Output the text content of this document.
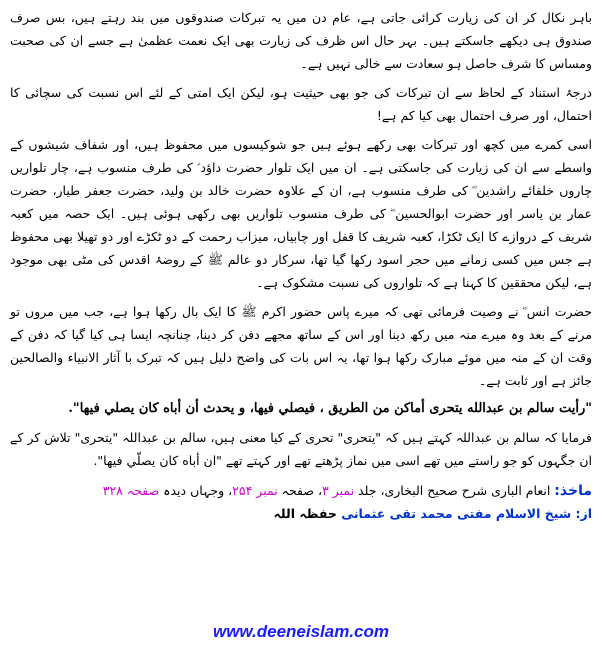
باہر نکال کر ان کی زیارت کرائی جاتی ہے، عام دن میں یہ تبرکات صندوقوں میں بند رہتے ہیں، بس صرف صندوق ہی دیکھے جاسکتے ہیں۔ بہر حال اس ظرف کی زیارت بھی ایک نعمت عظمیٰ ہے جسے ان کی صحبت ومساس کا شرف حاصل ہو سعادت سے خالی نہیں ہے۔

درجۂ استناد کے لحاظ سے ان تبرکات کی جو بھی حیثیت ہو، لیکن ایک امتی کے لئے اس نسبت کی سچائی کا احتمال، اور صرف احتمال بھی کیا کم ہے!

اسی کمرے میں کچھ اور تبرکات بھی رکھے ہوئے ہیں جو شوکیسوں میں محفوظ ہیں، اور شفاف شیشوں کے واسطے سے ان کی زیارت کی جاسکتی ہے۔ ان میں ایک تلوار حضرت داؤد ؑ کی طرف منسوب ہے، چار تلواریں چاروں خلفائے راشدین ؓ کی طرف منسوب ہے، ان کے علاوہ حضرت خالد بن ولید، حضرت جعفر طیار، حضرت عمار بن یاسر اور حضرت ابوالحسین ؓ کی طرف منسوب تلواریں بھی رکھی ہوئی ہیں۔ ایک حصہ میں کعبہ شریف کے دروازے کا ایک ٹکڑا، کعبہ شریف کا قفل اور چابیاں، میزاب رحمت کے دو ٹکڑے اور دو تھیلا بھی محفوظ ہے جس میں کسی زمانے میں حجر اسود رکھا گیا تھا، سرکار دو عالم ﷺ کے روضۂ اقدس کی مٹی بھی موجود ہے، لیکن محققین کا کہنا ہے کہ تلواروں کی نسبت مشکوک ہے۔

حضرت انس ؓ نے وصیت فرمائی تھی کہ میرے پاس حضور اکرم ﷺ کا ایک بال رکھا ہوا ہے، جب میں مروں تو مرنے کے بعد وہ میرے منہ میں رکھ دینا اور اس کے ساتھ مجھے دفن کر دینا، چنانچہ ایسا ہی کیا گیا کہ دفن کے وقت ان کے منہ میں موئے مبارک رکھا ہوا تھا، یہ اس بات کی واضح دلیل ہیں کہ تبرک با آثار الانبیاء والصالحین جائز ہے اور ثابت ہے۔

"رأيت سالم بن عبدالله يتحرى أماكن من الطريق ، فيصلي فيها، و يحدث أن أباه كان يصلي فيها".

فرمایا کہ سالم بن عبداللہ کہتے ہیں کہ "يتحرى" تحری کے کیا معنی ہیں، سالم بن عبداللہ "يتحرى" تلاش کر کے ان جگہوں کو جو راستے میں تھے اسی میں نماز پڑھتے تھے اور کہتے تھے "ان أباه كان يصلّي فيها".

ماخذ: انعام الباری شرح صحیح البخاری، جلد نمبر ۳، صفحہ نمبر ۲۵۴، وجہاں دیدہ صفحہ ۳۲۸

از: شیخ الاسلام مفتی محمد تقی عثمانی حفظہ اللہ

www.deeneislam.com
